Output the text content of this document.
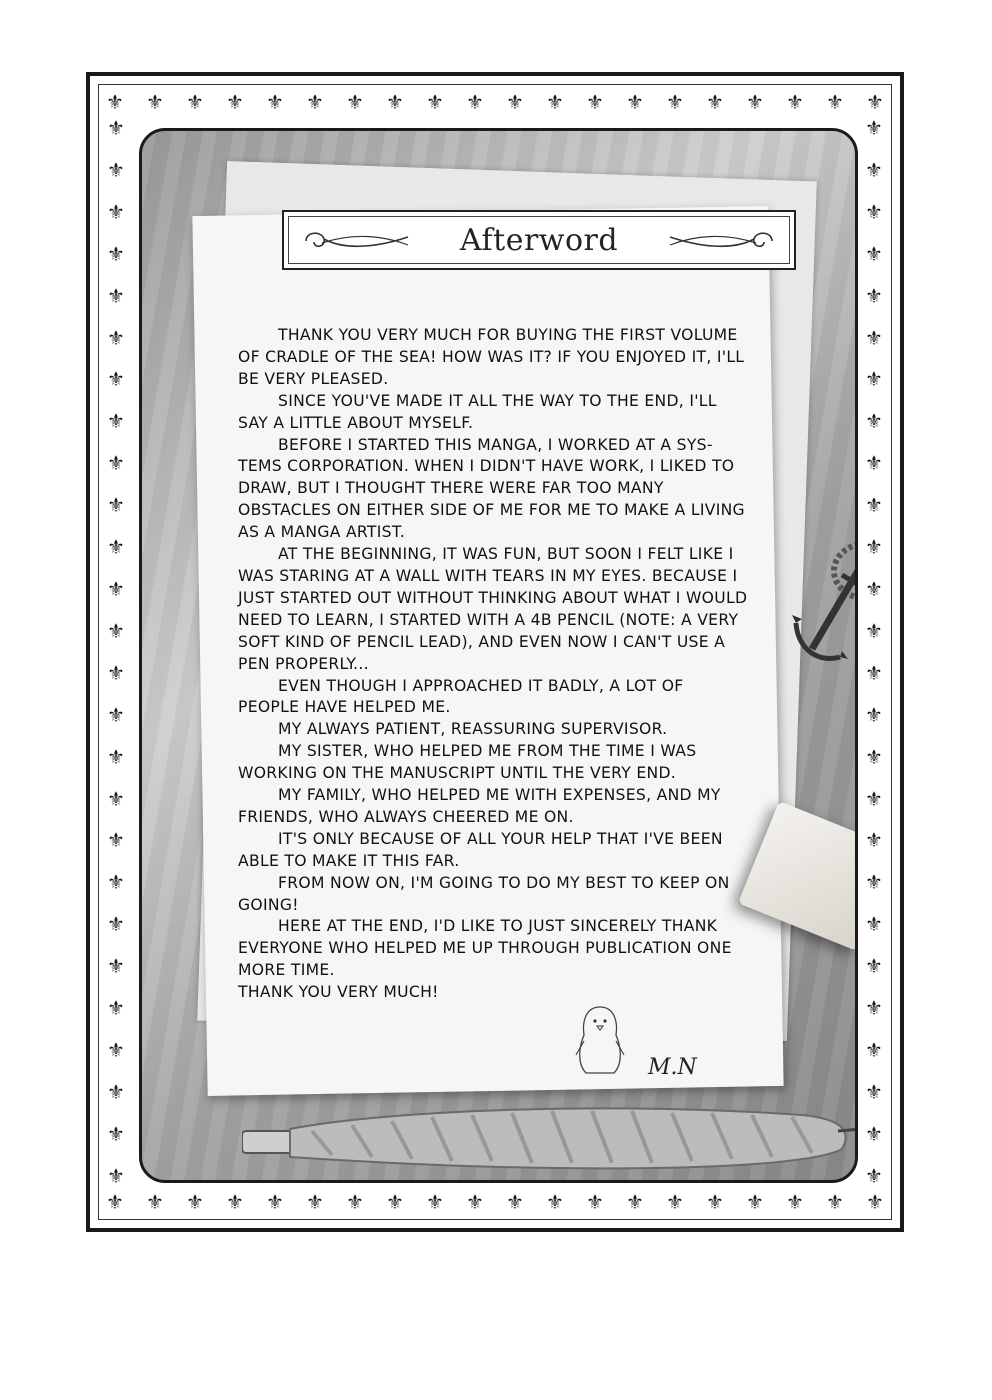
⚜ ⚜ ⚜ ⚜ ⚜ ⚜ ⚜ ⚜ ⚜ ⚜ ⚜ ⚜ ⚜ ⚜ ⚜ ⚜ ⚜ ⚜ ⚜ ⚜
⚜ ⚜ ⚜ ⚜ ⚜ ⚜ ⚜ ⚜ ⚜ ⚜ ⚜ ⚜ ⚜ ⚜ ⚜ ⚜ ⚜ ⚜ ⚜ ⚜
⚜
⚜
⚜
⚜
⚜
⚜
⚜
⚜
⚜
⚜
⚜
⚜
⚜
⚜
⚜
⚜
⚜
⚜
⚜
⚜
⚜
⚜
⚜
⚜
⚜
⚜
⚜
⚜
⚜
⚜
⚜
⚜
⚜
⚜
⚜
⚜
⚜
⚜
⚜
⚜
⚜
⚜
⚜
⚜
⚜
⚜
⚜
⚜
⚜
⚜
⚜
⚜
Afterword

THANK YOU VERY MUCH FOR BUYING THE FIRST VOLUME OF CRADLE OF THE SEA! HOW WAS IT? IF YOU ENJOYED IT, I'LL BE VERY PLEASED.

SINCE YOU'VE MADE IT ALL THE WAY TO THE END, I'LL SAY A LITTLE ABOUT MYSELF.

BEFORE I STARTED THIS MANGA, I WORKED AT A SYS- TEMS CORPORATION. WHEN I DIDN'T HAVE WORK, I LIKED TO DRAW, BUT I THOUGHT THERE WERE FAR TOO MANY OBSTACLES ON EITHER SIDE OF ME FOR ME TO MAKE A LIVING AS A MANGA ARTIST.

AT THE BEGINNING, IT WAS FUN, BUT SOON I FELT LIKE I WAS STARING AT A WALL WITH TEARS IN MY EYES. BECAUSE I JUST STARTED OUT WITHOUT THINKING ABOUT WHAT I WOULD NEED TO LEARN, I STARTED WITH A 4B PENCIL (NOTE: A VERY SOFT KIND OF PENCIL LEAD), AND EVEN NOW I CAN'T USE A PEN PROPERLY...

EVEN THOUGH I APPROACHED IT BADLY, A LOT OF PEOPLE HAVE HELPED ME.

MY ALWAYS PATIENT, REASSURING SUPERVISOR.

MY SISTER, WHO HELPED ME FROM THE TIME I WAS WORKING ON THE MANUSCRIPT UNTIL THE VERY END.

MY FAMILY, WHO HELPED ME WITH EXPENSES, AND MY FRIENDS, WHO ALWAYS CHEERED ME ON.

IT'S ONLY BECAUSE OF ALL YOUR HELP THAT I'VE BEEN ABLE TO MAKE IT THIS FAR.

FROM NOW ON, I'M GOING TO DO MY BEST TO KEEP ON GOING!

HERE AT THE END, I'D LIKE TO JUST SINCERELY THANK EVERYONE WHO HELPED ME UP THROUGH PUBLICATION ONE MORE TIME.

THANK YOU VERY MUCH!

M.N
